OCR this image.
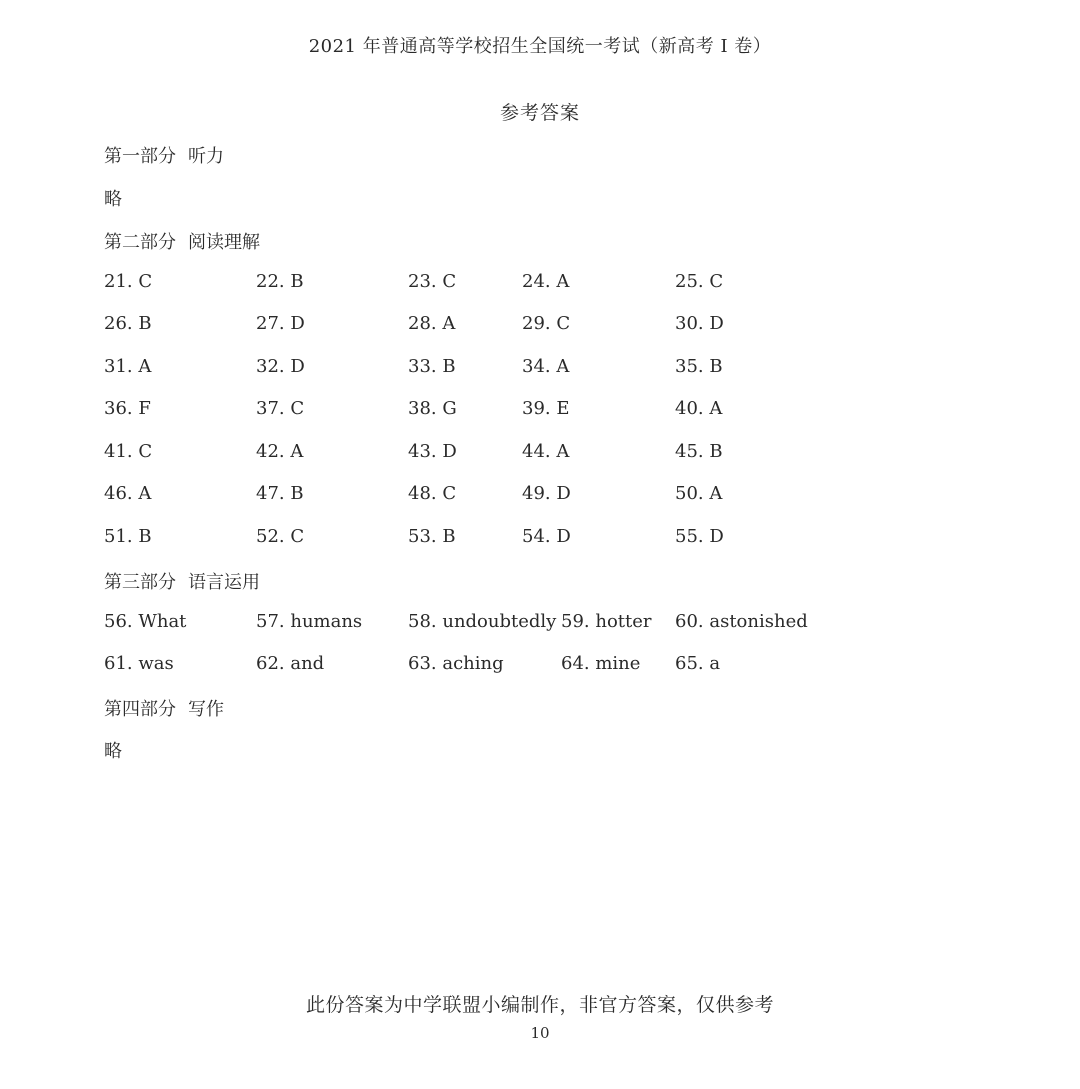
2021 年普通高等学校招生全国统一考试（新高考 I 卷）
参考答案
第一部分 听力
略
第二部分 阅读理解
21. C	22. B	23. C	24. A	25. C
26. B	27. D	28. A	29. C	30. D
31. A	32. D	33. B	34. A	35. B
36. F	37. C	38. G	39. E	40. A
41. C	42. A	43. D	44. A	45. B
46. A	47. B	48. C	49. D	50. A
51. B	52. C	53. B	54. D	55. D
第三部分 语言运用
56. What	57. humans	58. undoubtedly 59. hotter 60. astonished
61. was	62. and	63. aching	64. mine 65. a
第四部分 写作
略
此份答案为中学联盟小编制作，非官方答案，仅供参考
10
